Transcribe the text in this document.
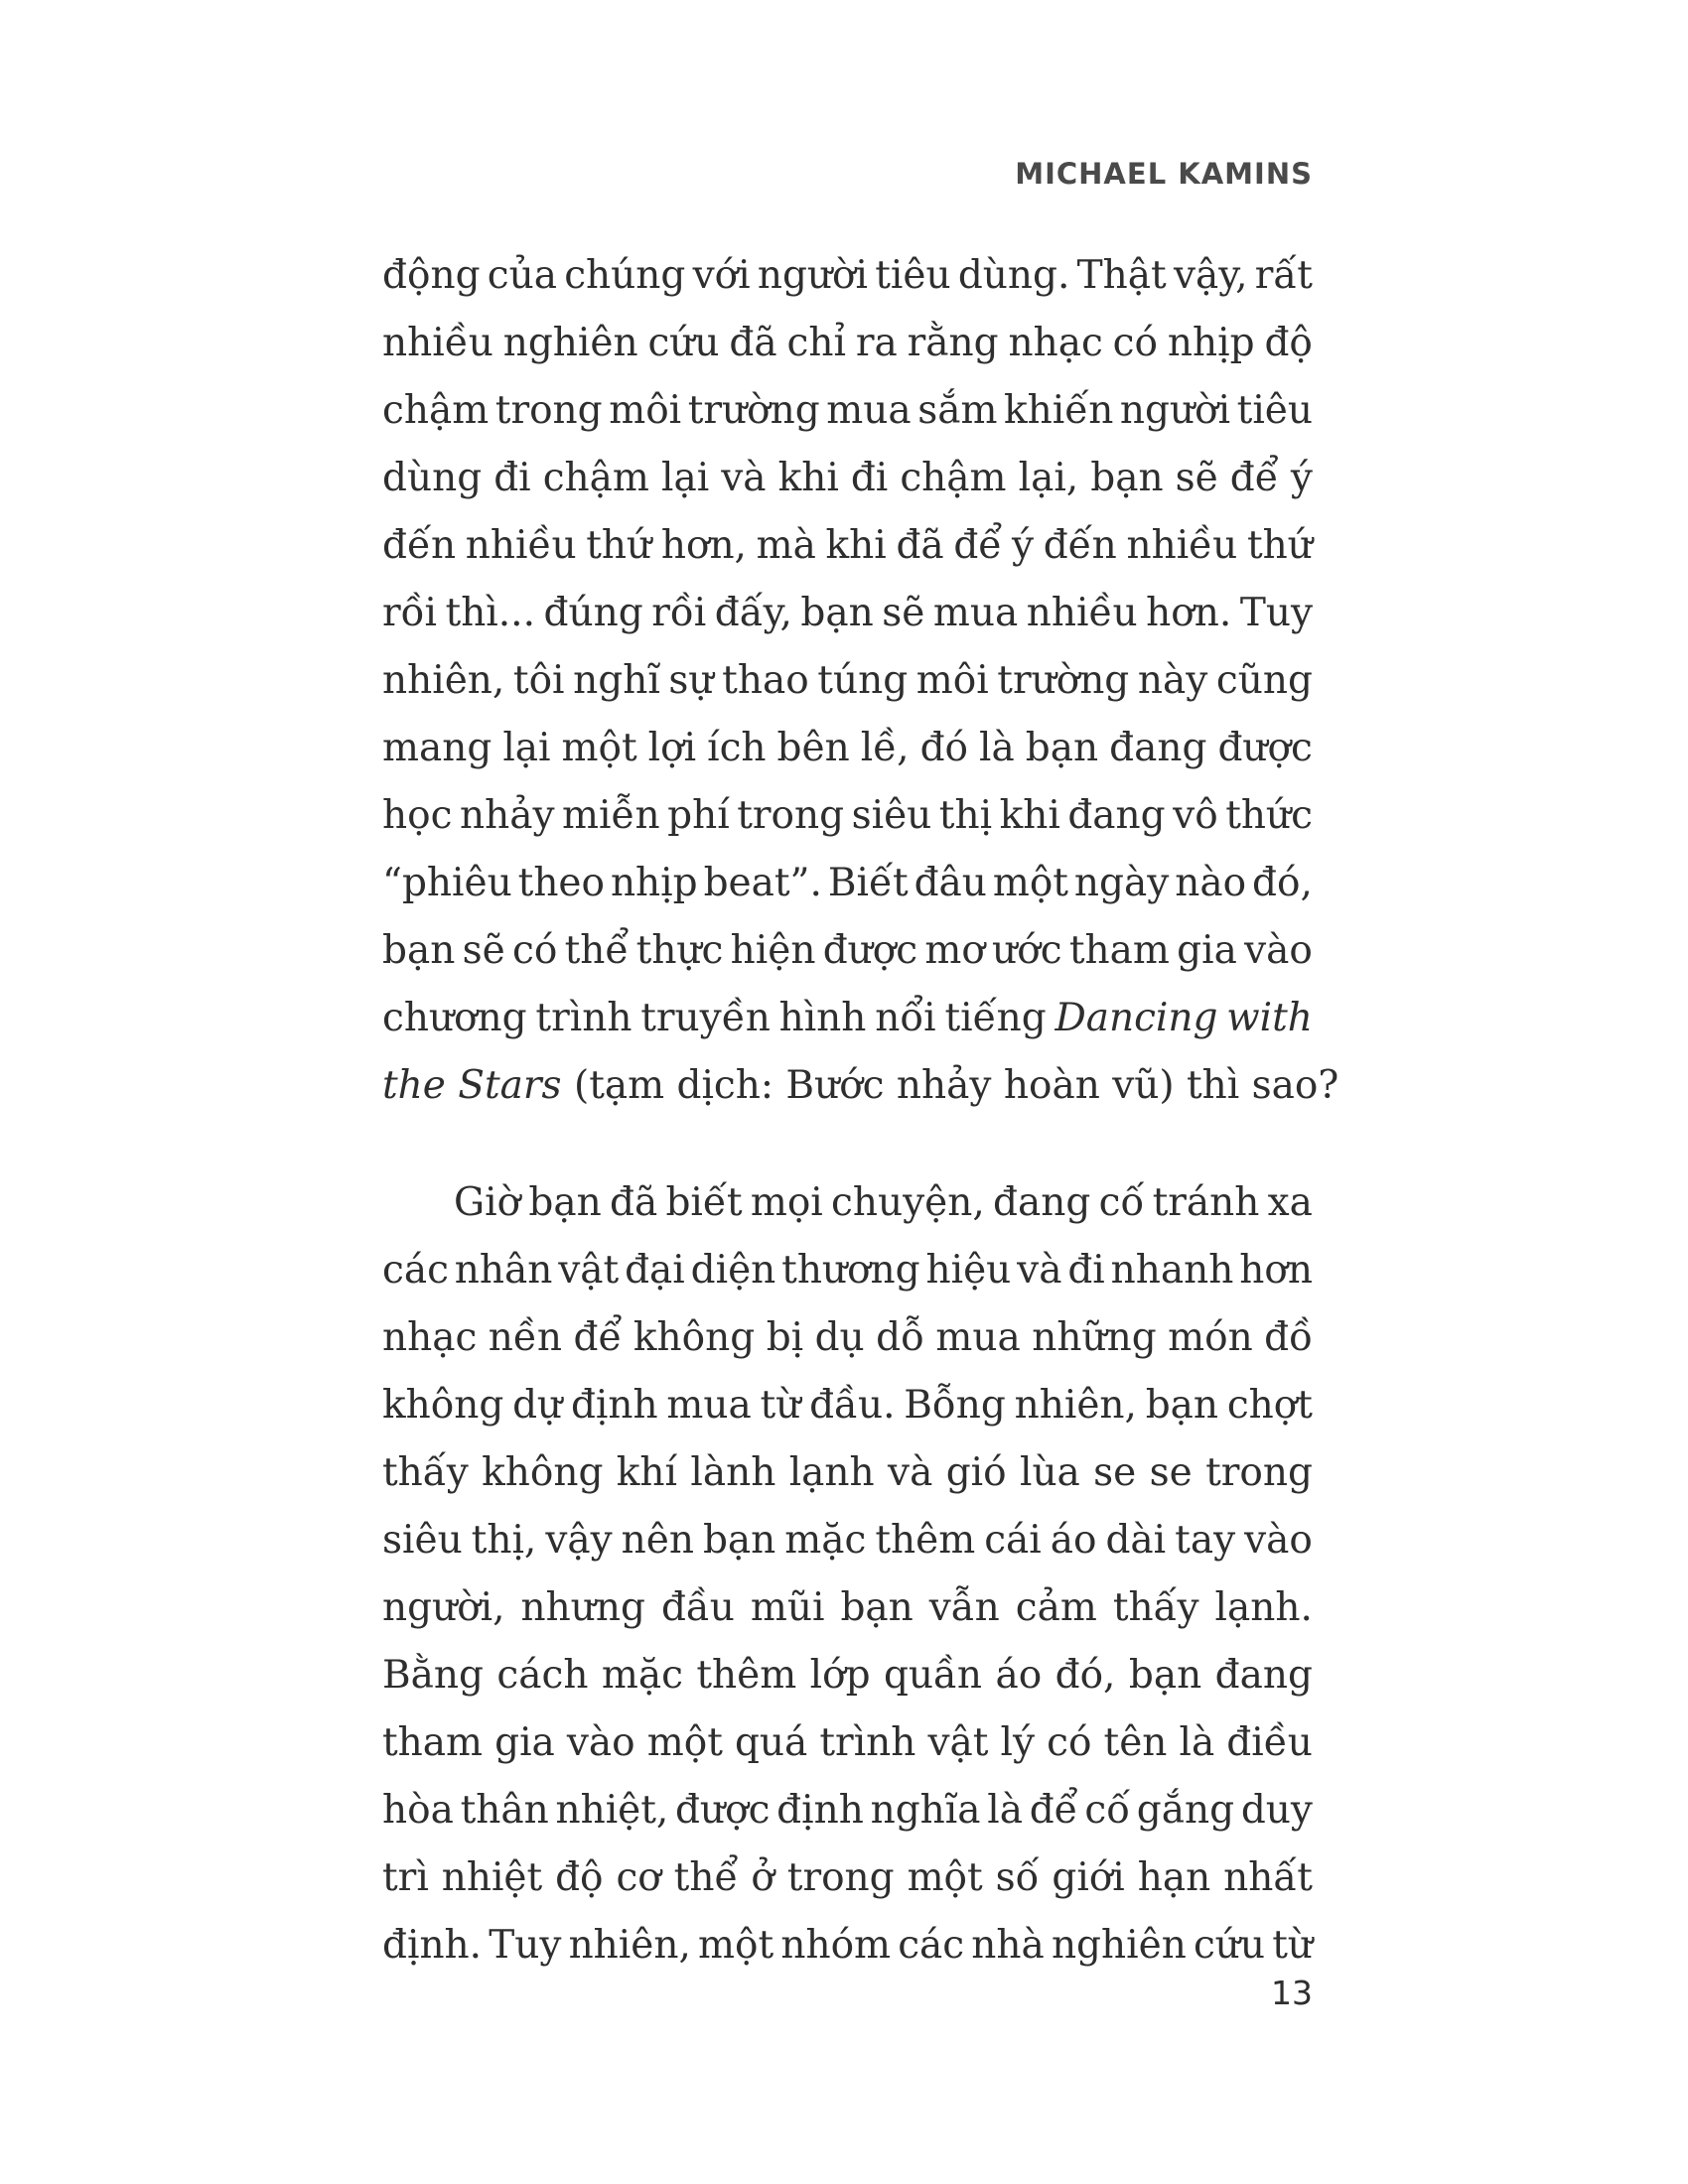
MICHAEL KAMINS
động của chúng với người tiêu dùng. Thật vậy, rất
nhiều nghiên cứu đã chỉ ra rằng nhạc có nhịp độ
chậm trong môi trường mua sắm khiến người tiêu
dùng đi chậm lại và khi đi chậm lại, bạn sẽ để ý
đến nhiều thứ hơn, mà khi đã để ý đến nhiều thứ
rồi thì... đúng rồi đấy, bạn sẽ mua nhiều hơn. Tuy
nhiên, tôi nghĩ sự thao túng môi trường này cũng
mang lại một lợi ích bên lề, đó là bạn đang được
học nhảy miễn phí trong siêu thị khi đang vô thức
“phiêu theo nhịp beat”. Biết đâu một ngày nào đó,
bạn sẽ có thể thực hiện được mơ ước tham gia vào
chương trình truyền hình nổi tiếng Dancing with
the Stars (tạm dịch: Bước nhảy hoàn vũ) thì sao?
Giờ bạn đã biết mọi chuyện, đang cố tránh xa
các nhân vật đại diện thương hiệu và đi nhanh hơn
nhạc nền để không bị dụ dỗ mua những món đồ
không dự định mua từ đầu. Bỗng nhiên, bạn chợt
thấy không khí lành lạnh và gió lùa se se trong
siêu thị, vậy nên bạn mặc thêm cái áo dài tay vào
người, nhưng đầu mũi bạn vẫn cảm thấy lạnh.
Bằng cách mặc thêm lớp quần áo đó, bạn đang
tham gia vào một quá trình vật lý có tên là điều
hòa thân nhiệt, được định nghĩa là để cố gắng duy
trì nhiệt độ cơ thể ở trong một số giới hạn nhất
định. Tuy nhiên, một nhóm các nhà nghiên cứu từ
13
